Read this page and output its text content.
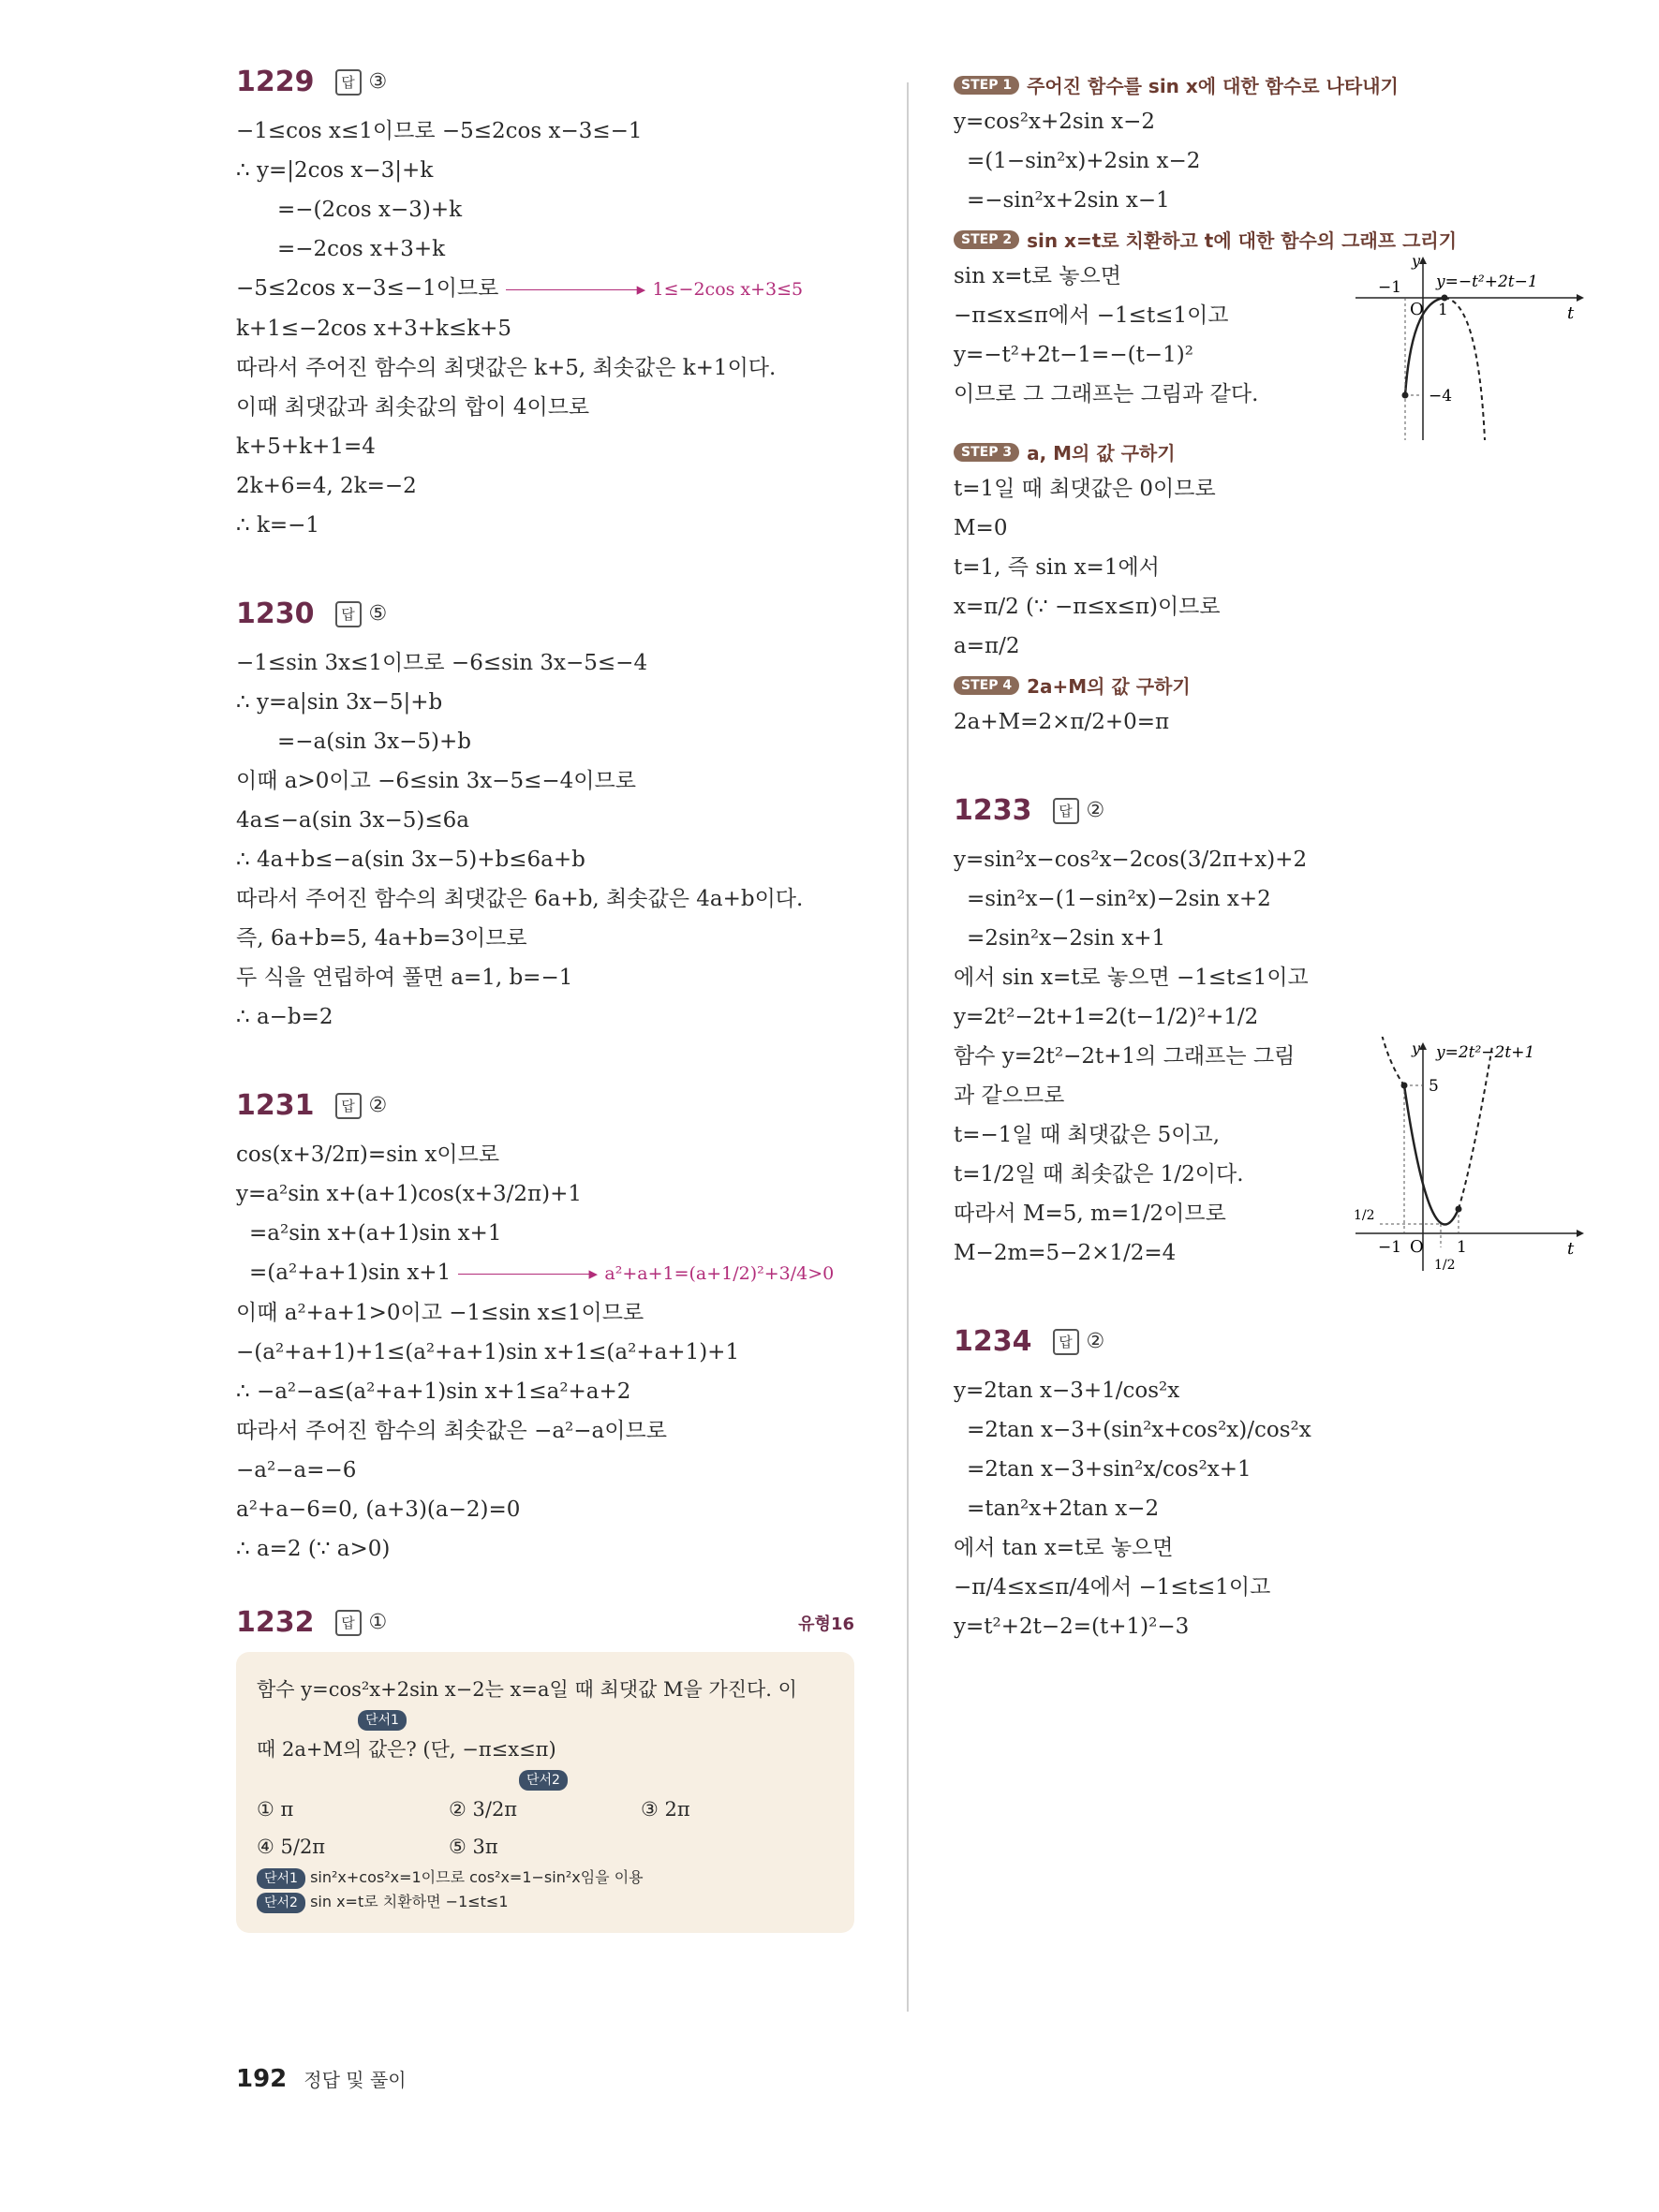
1229	답 ③
−1≤cos x≤1이므로 −5≤2cos x−3≤−1
∴ y=|2cos x−3|+k
=−(2cos x−3)+k
=−2cos x+3+k
−5≤2cos x−3≤−1이므로	▸ 1≤−2cos x+3≤5
k+1≤−2cos x+3+k≤k+5
따라서 주어진 함수의 최댓값은 k+5, 최솟값은 k+1이다.
이때 최댓값과 최솟값의 합이 4이므로
k+5+k+1=4
2k+6=4, 2k=−2
∴ k=−1
1230	답 ⑤
−1≤sin 3x≤1이므로 −6≤sin 3x−5≤−4
∴ y=a|sin 3x−5|+b
=−a(sin 3x−5)+b
이때 a>0이고 −6≤sin 3x−5≤−4이므로
4a≤−a(sin 3x−5)≤6a
∴ 4a+b≤−a(sin 3x−5)+b≤6a+b
따라서 주어진 함수의 최댓값은 6a+b, 최솟값은 4a+b이다.
즉, 6a+b=5, 4a+b=3이므로
두 식을 연립하여 풀면 a=1, b=−1
∴ a−b=2
1231	답 ②
cos(x+3/2π)=sin x이므로
y=a²sin x+(a+1)cos(x+3/2π)+1
=a²sin x+(a+1)sin x+1
=(a²+a+1)sin x+1	▸ a²+a+1=(a+1/2)²+3/4>0
이때 a²+a+1>0이고 −1≤sin x≤1이므로
−(a²+a+1)+1≤(a²+a+1)sin x+1≤(a²+a+1)+1
∴ −a²−a≤(a²+a+1)sin x+1≤a²+a+2
따라서 주어진 함수의 최솟값은 −a²−a이므로
−a²−a=−6
a²+a−6=0, (a+3)(a−2)=0
∴ a=2 (∵ a>0)
1232	답 ①	유형16
함수 y=cos²x+2sin x−2는 x=a일 때 최댓값 M을 가진다. 이
단서1
때 2a+M의 값은? (단, −π≤x≤π)
단서2
① π	② 3/2π	③ 2π
④ 5/2π	⑤ 3π
단서1 sin²x+cos²x=1이므로 cos²x=1−sin²x임을 이용
단서2 sin x=t로 치환하면 −1≤t≤1
STEP 1 주어진 함수를 sin x에 대한 함수로 나타내기
y=cos²x+2sin x−2
=(1−sin²x)+2sin x−2
=−sin²x+2sin x−1
STEP 2 sin x=t로 치환하고 t에 대한 함수의 그래프 그리기
sin x=t로 놓으면
−π≤x≤π에서 −1≤t≤1이고
y=−t²+2t−1=−(t−1)²
이므로 그 그래프는 그림과 같다.
y
t
O
−1
1
−4
y=−t²+2t−1
STEP 3 a, M의 값 구하기
t=1일 때 최댓값은 0이므로
M=0
t=1, 즉 sin x=1에서
x=π/2 (∵ −π≤x≤π)이므로
a=π/2
STEP 4 2a+M의 값 구하기
2a+M=2×π/2+0=π
1233	답 ②
y=sin²x−cos²x−2cos(3/2π+x)+2
=sin²x−(1−sin²x)−2sin x+2
=2sin²x−2sin x+1
에서 sin x=t로 놓으면 −1≤t≤1이고
y=2t²−2t+1=2(t−1/2)²+1/2
함수 y=2t²−2t+1의 그래프는 그림
과 같으므로
t=−1일 때 최댓값은 5이고,
t=1/2일 때 최솟값은 1/2이다.
따라서 M=5, m=1/2이므로
M−2m=5−2×1/2=4
y
t
O
−1	1
5
1/2
1/2
y=2t²−2t+1
1234	답 ②
y=2tan x−3+1/cos²x
=2tan x−3+(sin²x+cos²x)/cos²x
=2tan x−3+sin²x/cos²x+1
=tan²x+2tan x−2
에서 tan x=t로 놓으면
−π/4≤x≤π/4에서 −1≤t≤1이고
y=t²+2t−2=(t+1)²−3
192 정답 및 풀이
